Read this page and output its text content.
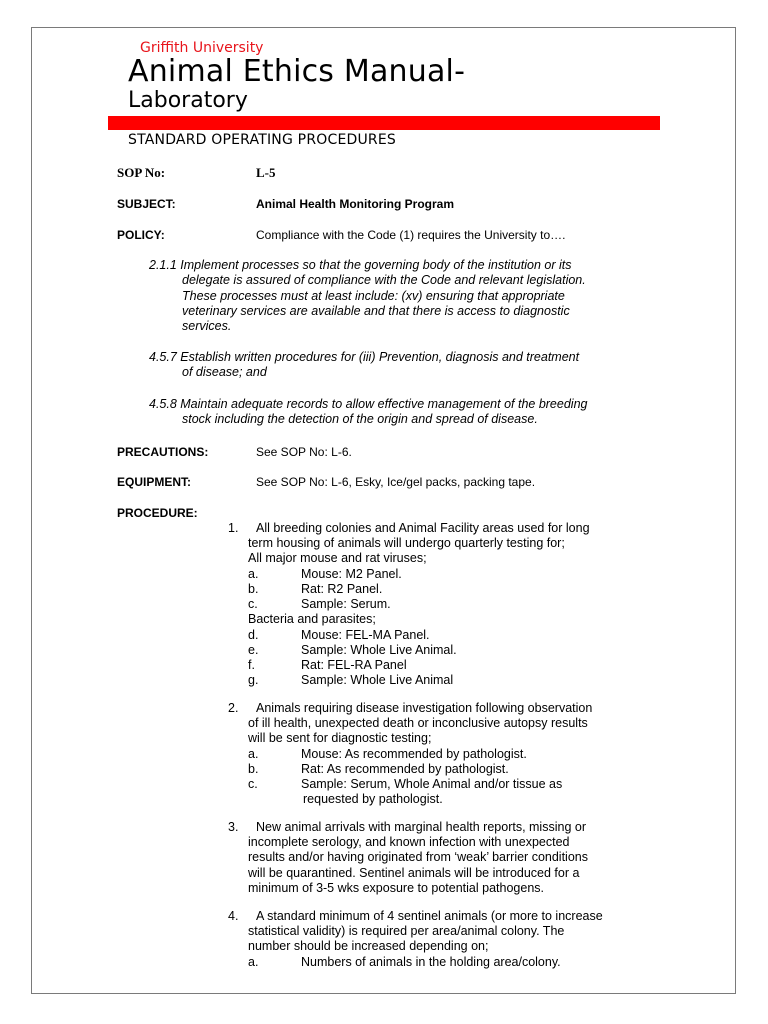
Griffith University
Animal Ethics Manual-
Laboratory
STANDARD OPERATING PROCEDURES
SOP No:	L-5
SUBJECT:	Animal Health Monitoring Program
POLICY:	Compliance with the Code (1) requires the University to….
2.1.1 Implement processes so that the governing body of the institution or its
delegate is assured of compliance with the Code and relevant legislation.
These processes must at least include: (xv) ensuring that appropriate
veterinary services are available and that there is access to diagnostic
services.
4.5.7 Establish written procedures for (iii) Prevention, diagnosis and treatment
of disease; and
4.5.8 Maintain adequate records to allow effective management of the breeding
stock including the detection of the origin and spread of disease.
PRECAUTIONS:	See SOP No: L-6.
EQUIPMENT:	See SOP No: L-6, Esky, Ice/gel packs, packing tape.
PROCEDURE:
1. All breeding colonies and Animal Facility areas used for long
term housing of animals will undergo quarterly testing for;
All major mouse and rat viruses;
a.	Mouse: M2 Panel.
b.	Rat: R2 Panel.
c.	Sample: Serum.
Bacteria and parasites;
d.	Mouse: FEL-MA Panel.
e.	Sample: Whole Live Animal.
f.	Rat: FEL-RA Panel
g.	Sample: Whole Live Animal
2. Animals requiring disease investigation following observation
of ill health, unexpected death or inconclusive autopsy results
will be sent for diagnostic testing;
a.	Mouse: As recommended by pathologist.
b.	Rat: As recommended by pathologist.
c.	Sample: Serum, Whole Animal and/or tissue as
requested by pathologist.
3. New animal arrivals with marginal health reports, missing or
incomplete serology, and known infection with unexpected
results and/or having originated from ‘weak’ barrier conditions
will be quarantined. Sentinel animals will be introduced for a
minimum of 3-5 wks exposure to potential pathogens.
4. A standard minimum of 4 sentinel animals (or more to increase
statistical validity) is required per area/animal colony. The
number should be increased depending on;
a.	Numbers of animals in the holding area/colony.
